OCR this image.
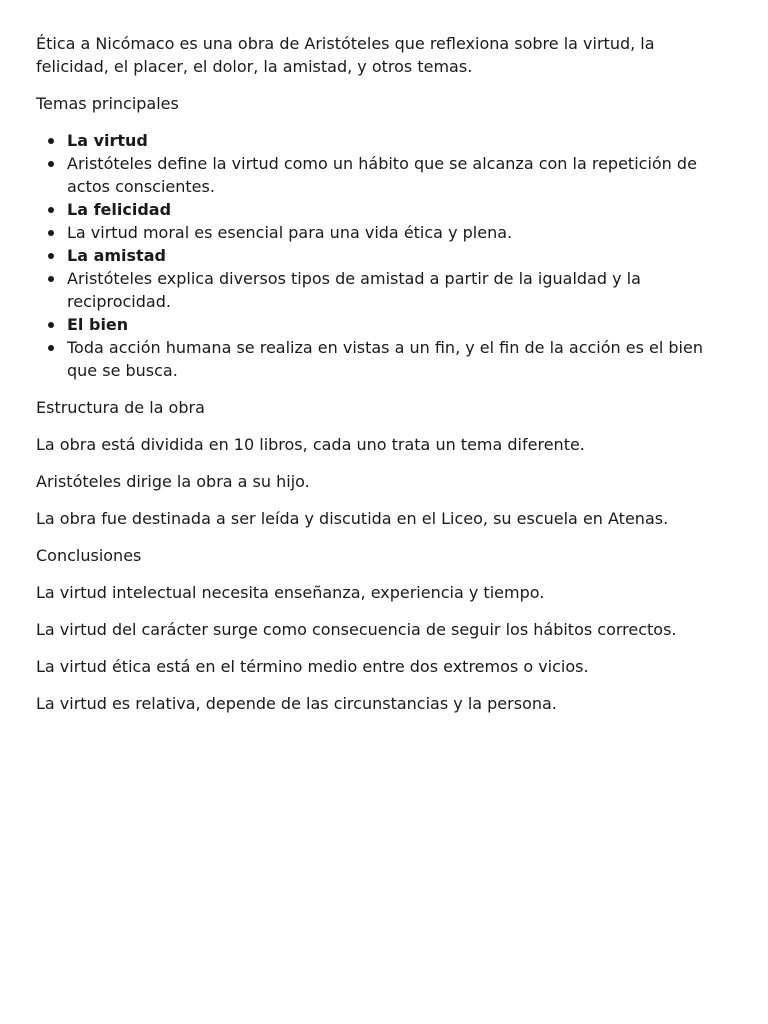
Ética a Nicómaco es una obra de Aristóteles que reflexiona sobre la virtud, la felicidad, el placer, el dolor, la amistad, y otros temas.

Temas principales

La virtud
Aristóteles define la virtud como un hábito que se alcanza con la repetición de actos conscientes.
La felicidad
La virtud moral es esencial para una vida ética y plena.
La amistad
Aristóteles explica diversos tipos de amistad a partir de la igualdad y la reciprocidad.
El bien
Toda acción humana se realiza en vistas a un fin, y el fin de la acción es el bien que se busca.

Estructura de la obra

La obra está dividida en 10 libros, cada uno trata un tema diferente.

Aristóteles dirige la obra a su hijo.

La obra fue destinada a ser leída y discutida en el Liceo, su escuela en Atenas.

Conclusiones

La virtud intelectual necesita enseñanza, experiencia y tiempo.

La virtud del carácter surge como consecuencia de seguir los hábitos correctos.

La virtud ética está en el término medio entre dos extremos o vicios.

La virtud es relativa, depende de las circunstancias y la persona.
